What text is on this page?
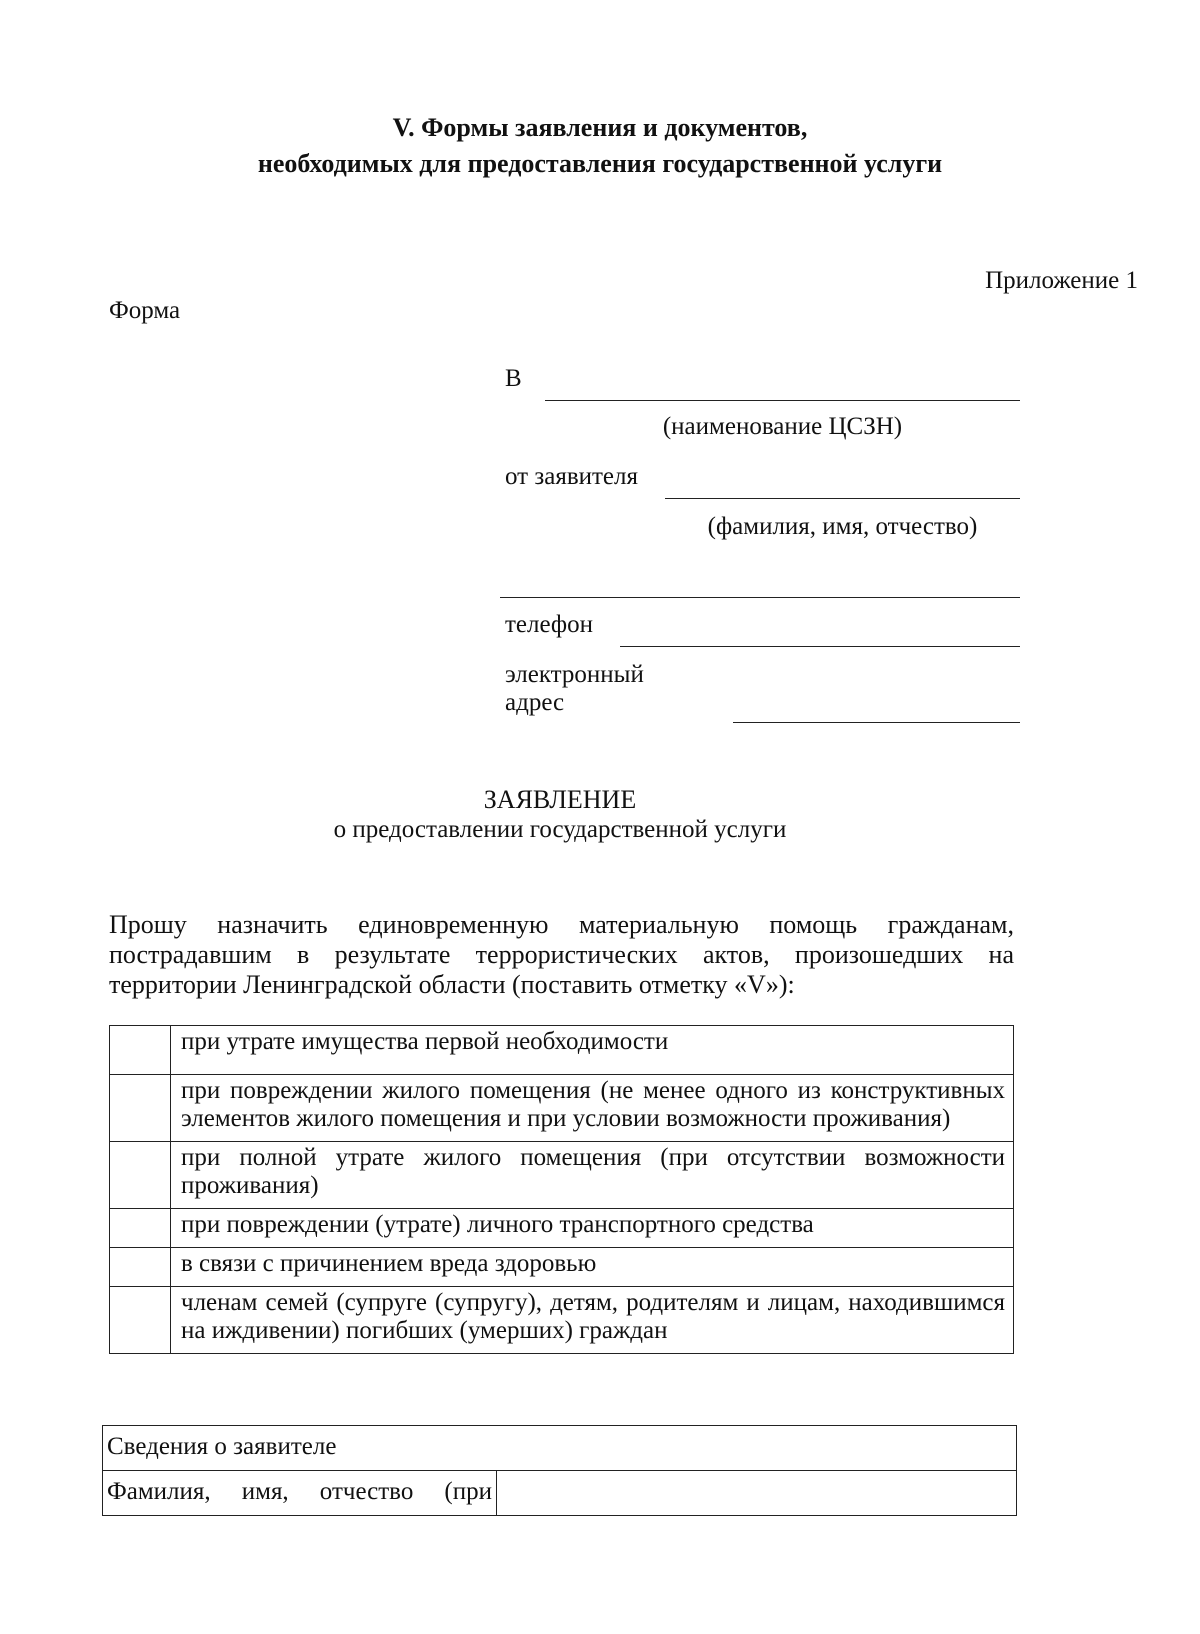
V. Формы заявления и документов,
необходимых для предоставления государственной услуги
Приложение 1
Форма
В
(наименование ЦСЗН)
от заявителя
(фамилия, имя, отчество)
телефон
электронный
адрес
ЗАЯВЛЕНИЕ
о предоставлении государственной услуги
Прошу назначить единовременную материальную помощь гражданам, пострадавшим в результате террористических актов, произошедших на территории Ленинградской области (поставить отметку «V»):
	при утрате имущества первой необходимости
	при повреждении жилого помещения (не менее одного из конструктивных элементов жилого помещения и при условии возможности проживания)
	при полной утрате жилого помещения (при отсутствии возможности проживания)
	при повреждении (утрате) личного транспортного средства
	в связи с причинением вреда здоровью
	членам семей (супруге (супругу), детям, родителям и лицам, находившимся на иждивении) погибших (умерших) граждан
Сведения о заявителе

Фамилия, имя, отчество (при
